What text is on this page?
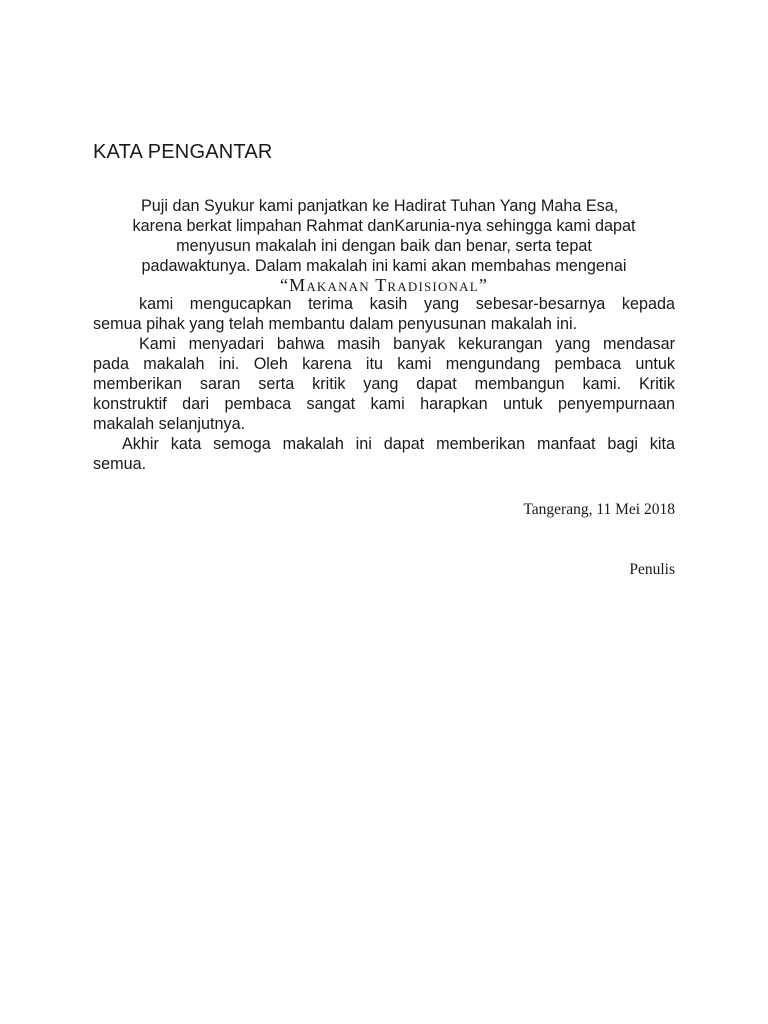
KATA PENGANTAR
Puji dan Syukur kami panjatkan ke Hadirat Tuhan Yang Maha Esa,
karena berkat limpahan Rahmat danKarunia-nya sehingga kami dapat
menyusun makalah ini dengan baik dan benar, serta tepat
padawaktunya. Dalam makalah ini kami akan membahas mengenai
“Makanan Tradisional”
kami mengucapkan terima kasih yang sebesar-besarnya kepada
semua pihak yang telah membantu dalam penyusunan makalah ini.
Kami menyadari bahwa masih banyak kekurangan yang mendasar
pada makalah ini. Oleh karena itu kami mengundang pembaca untuk
memberikan saran serta kritik yang dapat membangun kami. Kritik
konstruktif dari pembaca sangat kami harapkan untuk penyempurnaan
makalah selanjutnya.
Akhir kata semoga makalah ini dapat memberikan manfaat bagi kita
semua.
Tangerang, 11 Mei 2018
Penulis
